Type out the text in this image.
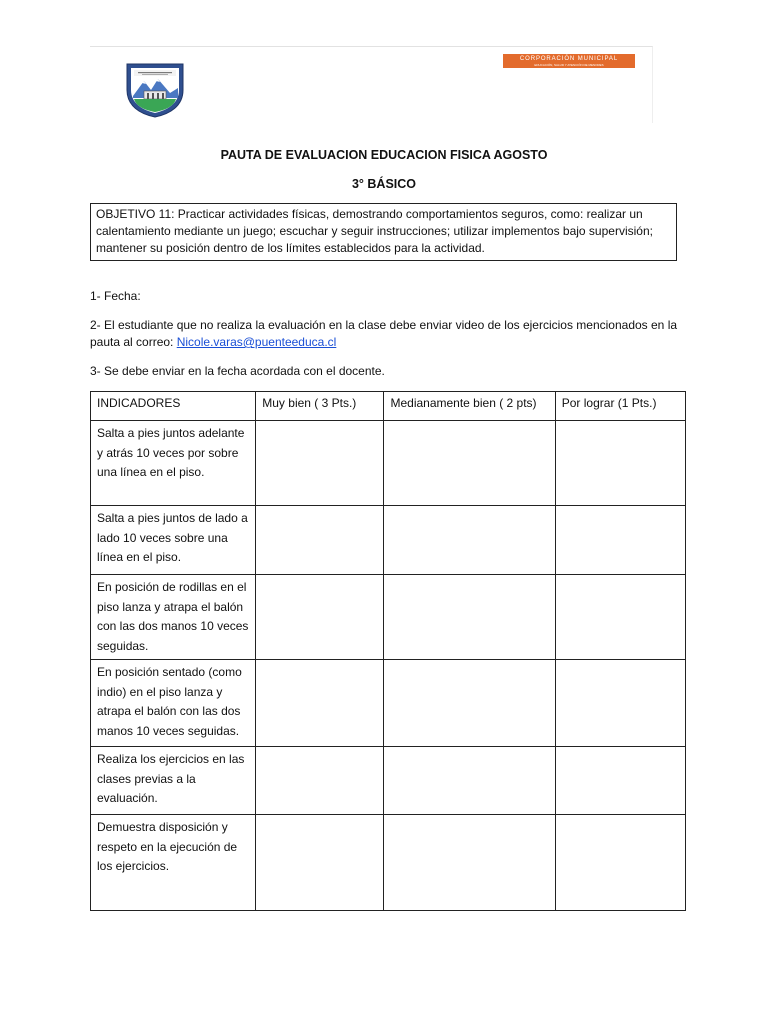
CORPORACIÓN MUNICIPAL
EDUCACIÓN, SALUD Y ATENCIÓN DE MENORES
PAUTA DE EVALUACION EDUCACION FISICA AGOSTO
3° BÁSICO
OBJETIVO 11: Practicar actividades físicas, demostrando comportamientos seguros, como: realizar un calentamiento mediante un juego; escuchar y seguir instrucciones; utilizar implementos bajo supervisión; mantener su posición dentro de los límites establecidos para la actividad.
1- Fecha:
2- El estudiante que no realiza la evaluación en la clase debe enviar video de los ejercicios mencionados en la pauta al correo: Nicole.varas@puenteeduca.cl
3- Se debe enviar en la fecha acordada con el docente.
INDICADORES	Muy bien ( 3 Pts.)	Medianamente bien ( 2 pts)	Por lograr (1 Pts.)
Salta a pies juntos adelante y atrás 10 veces por sobre una línea en el piso.			
Salta a pies juntos de lado a lado 10 veces sobre una línea en el piso.			
En posición de rodillas en el piso lanza y atrapa el balón con las dos manos 10 veces seguidas.			
En posición sentado (como indio) en el piso lanza y atrapa el balón con las dos manos 10 veces seguidas.			
Realiza los ejercicios en las clases previas a la evaluación.			
Demuestra disposición y respeto en la ejecución de los ejercicios.			
